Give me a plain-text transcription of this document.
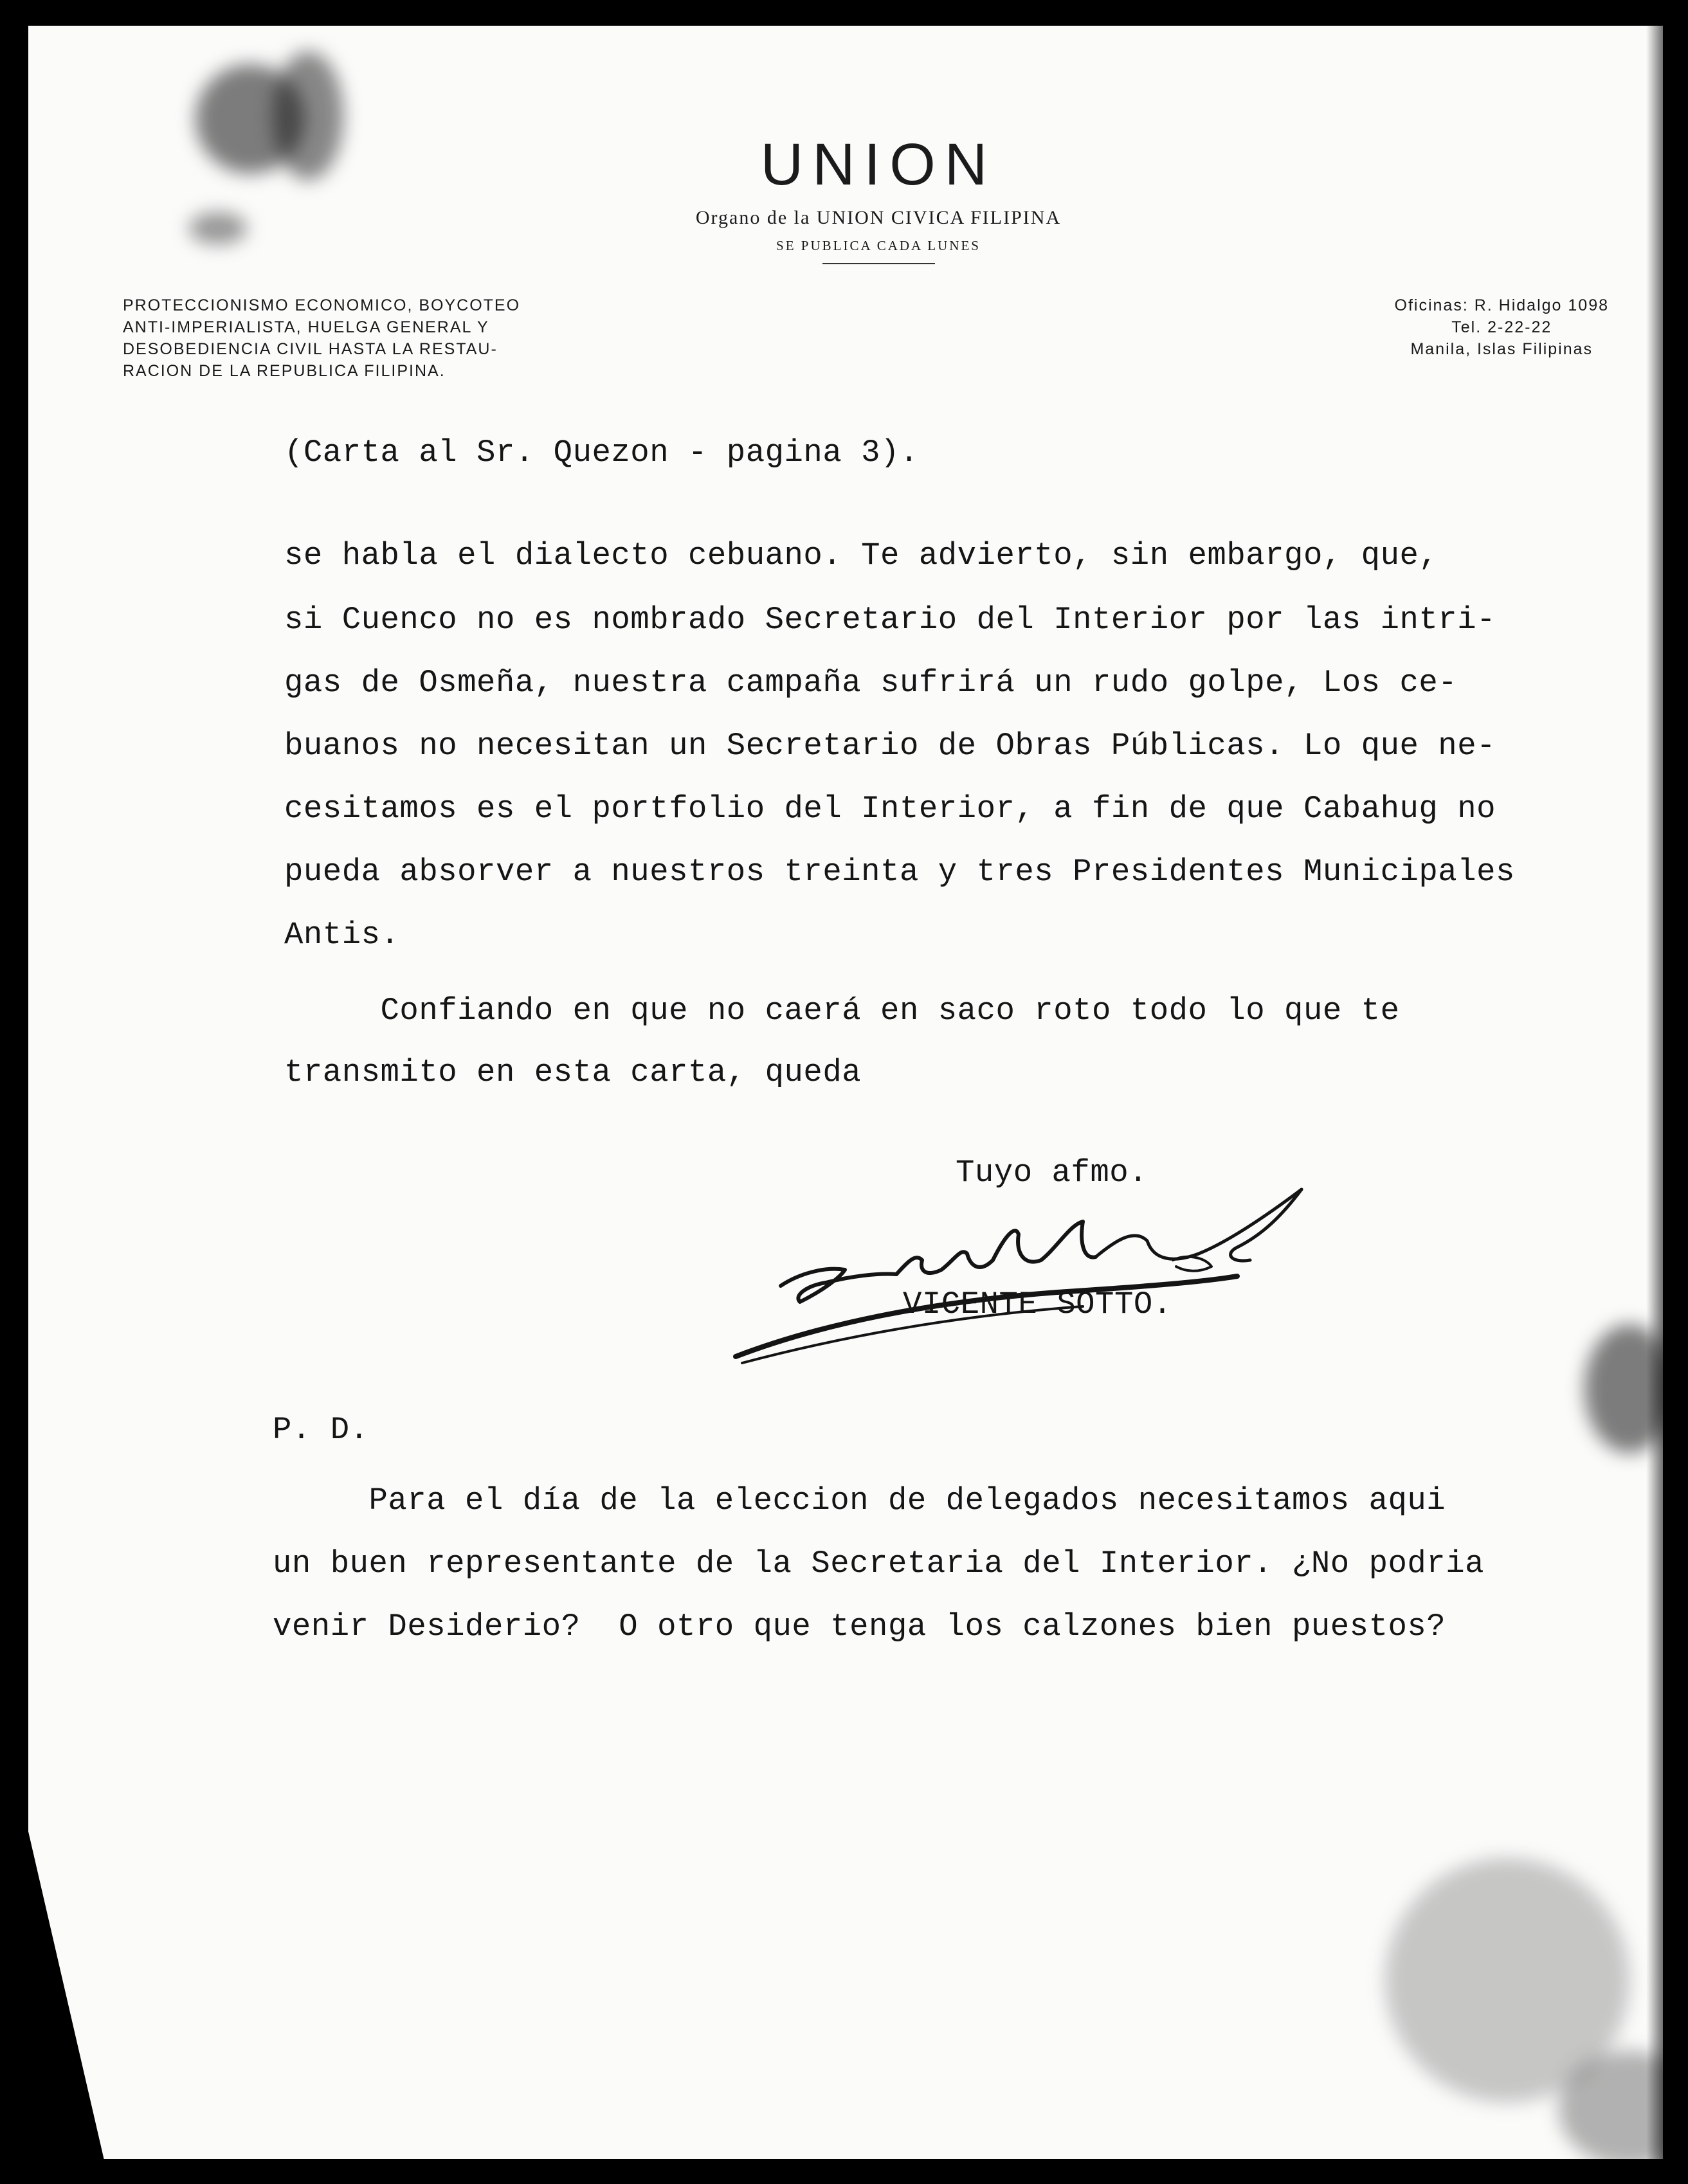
UNION
Organo de la UNION CIVICA FILIPINA
SE PUBLICA CADA LUNES
PROTECCIONISMO ECONOMICO, BOYCOTEO
ANTI-IMPERIALISTA, HUELGA GENERAL Y
DESOBEDIENCIA CIVIL HASTA LA RESTAU-
RACION DE LA REPUBLICA FILIPINA.
Oficinas: R. Hidalgo 1098
Tel. 2-22-22
Manila, Islas Filipinas
(Carta al Sr. Quezon - pagina 3).
se habla el dialecto cebuano. Te advierto, sin embargo, que,
si Cuenco no es nombrado Secretario del Interior por las intri-
gas de Osmeña, nuestra campaña sufrirá un rudo golpe, Los ce-
buanos no necesitan un Secretario de Obras Públicas. Lo que ne-
cesitamos es el portfolio del Interior, a fin de que Cabahug no
pueda absorver a nuestros treinta y tres Presidentes Municipales
Antis.
Confiando en que no caerá en saco roto todo lo que te
transmito en esta carta, queda
Tuyo afmo.
VICENTE SOTTO.
P. D.
Para el día de la eleccion de delegados necesitamos aqui
un buen representante de la Secretaria del Interior. ¿No podria
venir Desiderio?  O otro que tenga los calzones bien puestos?
